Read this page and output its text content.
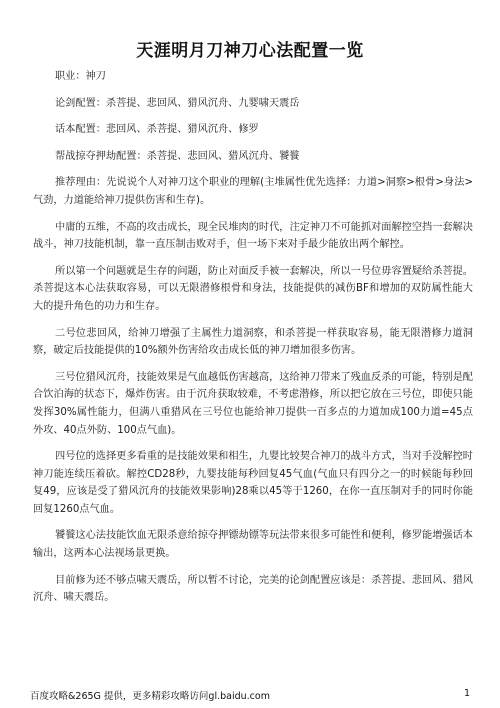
天涯明月刀神刀心法配置一览

职业：神刀

论剑配置：杀菩提、悲回风、猎风沉舟、九婴啸天震岳

话本配置：悲回风、杀菩提、猎风沉舟、修罗

帮战掠夺押劫配置：杀菩提、悲回风、猎风沉舟、饕餮

推荐理由：先说说个人对神刀这个职业的理解(主堆属性优先选择：力道>洞察>根骨>身法>气劲，力道能给神刀提供伤害和生存)。

中庸的五维，不高的攻击成长，现全民堆肉的时代，注定神刀不可能抓对面解控空挡一套解决战斗，神刀技能机制，靠一直压制击败对手，但一场下来对手最少能放出两个解控。

所以第一个问题就是生存的问题，防止对面反手被一套解决，所以一号位毋容置疑给杀菩提。杀菩提这本心法获取容易，可以无限潜修根骨和身法，技能提供的减伤BF和增加的双防属性能大大的提升角色的功力和生存。

二号位悲回风，给神刀增强了主属性力道洞察，和杀菩提一样获取容易，能无限潜修力道洞察，破定后技能提供的10%额外伤害给攻击成长低的神刀增加很多伤害。

三号位猎风沉舟，技能效果是气血越低伤害越高，这给神刀带来了残血反杀的可能，特别是配合饮泊海的状态下，爆炸伤害。由于沉舟获取较难，不考虑潜修，所以把它放在三号位，即使只能发挥30%属性能力，但满八重猎风在三号位也能给神刀提供一百多点的力道加成100力道=45点外攻、40点外防、100点气血)。

四号位的选择更多看重的是技能效果和相生，九婴比较契合神刀的战斗方式，当对手没解控时神刀能连续压着砍。解控CD28秒，九婴技能每秒回复45气血(气血只有四分之一的时候能每秒回复49，应该是受了猎风沉舟的技能效果影响)28乘以45等于1260，在你一直压制对手的同时你能回复1260点气血。

饕餮这心法技能饮血无限杀意给掠夺押镖劫镖等玩法带来很多可能性和便利，修罗能增强话本输出，这两本心法视场景更换。

目前修为还不够点啸天震岳，所以暂不讨论，完美的论剑配置应该是：杀菩提、悲回风、猎风沉舟、啸天震岳。

百度攻略&265G 提供，更多精彩攻略访问gl.baidu.com	1
